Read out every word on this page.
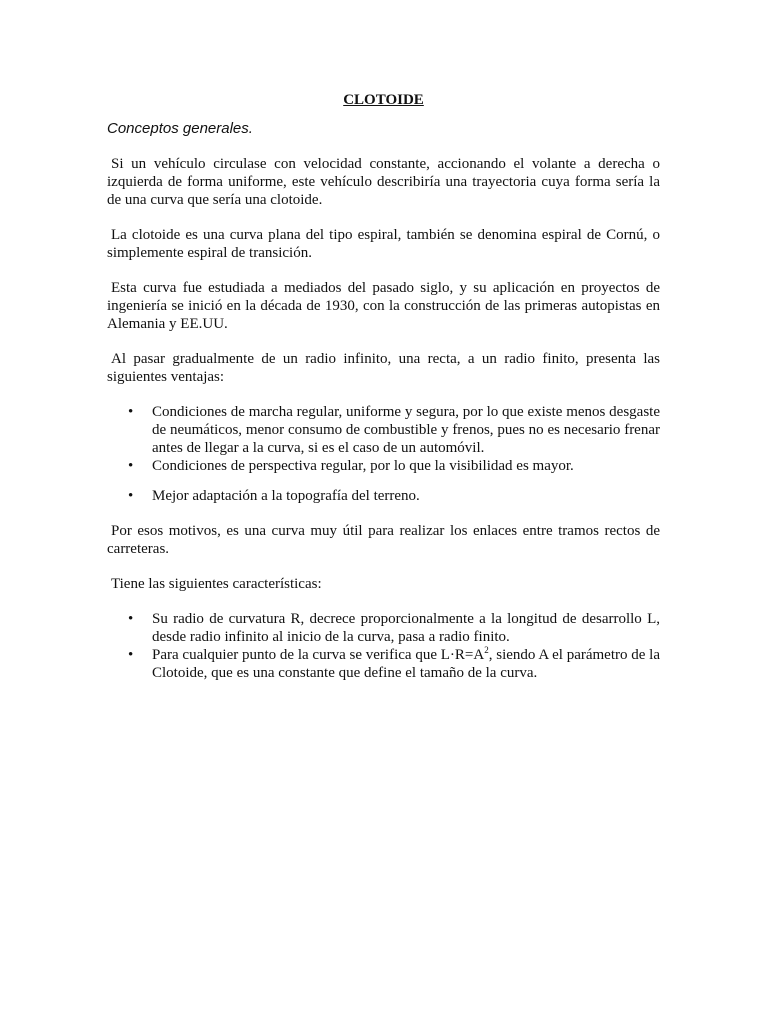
CLOTOIDE
Conceptos generales.

Si un vehículo circulase con velocidad constante, accionando el volante a derecha o izquierda de forma uniforme, este vehículo describiría una trayectoria cuya forma sería la de una curva que sería una clotoide.

La clotoide es una curva plana del tipo espiral, también se denomina espiral de Cornú, o simplemente espiral de transición.

Esta curva fue estudiada a mediados del pasado siglo, y su aplicación en proyectos de ingeniería se inició en la década de 1930, con la construcción de las primeras autopistas en Alemania y EE.UU.

Al pasar gradualmente de un radio infinito, una recta, a un radio finito, presenta las siguientes ventajas:

• Condiciones de marcha regular, uniforme y segura, por lo que existe menos desgaste de neumáticos, menor consumo de combustible y frenos, pues no es necesario frenar antes de llegar a la curva, si es el caso de un automóvil.
• Condiciones de perspectiva regular, por lo que la visibilidad es mayor.
• Mejor adaptación a la topografía del terreno.

Por esos motivos, es una curva muy útil para realizar los enlaces entre tramos rectos de carreteras.

Tiene las siguientes características:

• Su radio de curvatura R, decrece proporcionalmente a la longitud de desarrollo L, desde radio infinito al inicio de la curva, pasa a radio finito.
• Para cualquier punto de la curva se verifica que $L\cdot R=A^2$, siendo A el parámetro de la Clotoide, que es una constante que define el tamaño de la curva.
